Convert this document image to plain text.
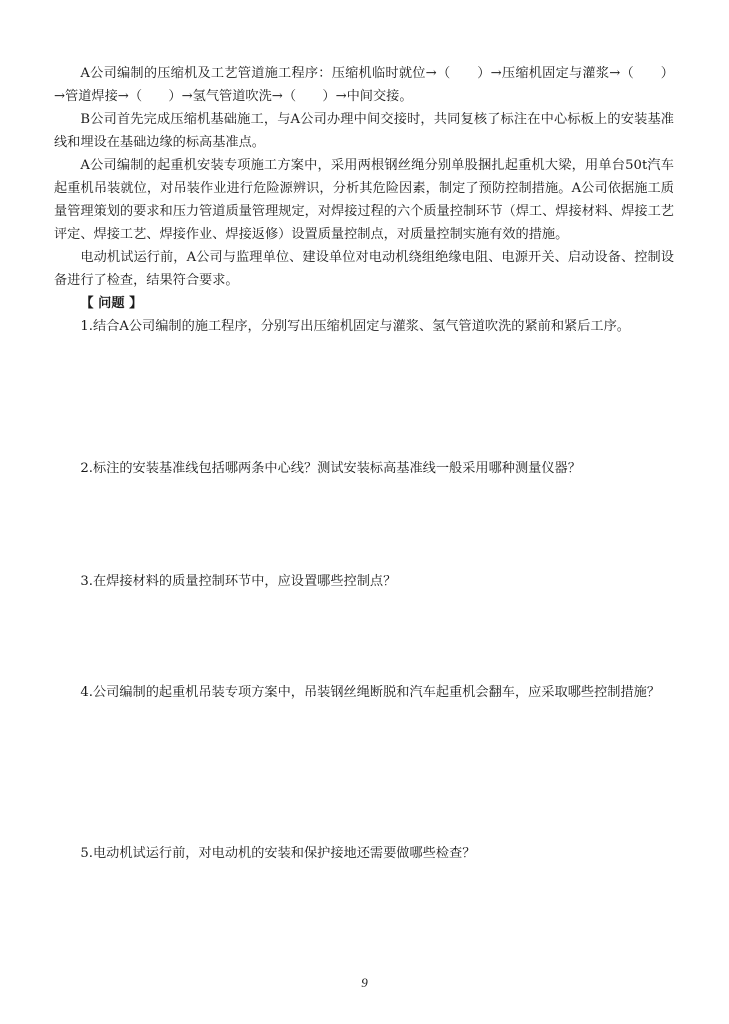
A公司编制的压缩机及工艺管道施工程序：压缩机临时就位→（　　）→压缩机固定与灌浆→（　　）→管道焊接→（　　）→氢气管道吹洗→（　　）→中间交接。

B公司首先完成压缩机基础施工，与A公司办理中间交接时，共同复核了标注在中心标板上的安装基准线和埋设在基础边缘的标高基准点。

A公司编制的起重机安装专项施工方案中，采用两根钢丝绳分别单股捆扎起重机大梁，用单台50t汽车起重机吊装就位，对吊装作业进行危险源辨识，分析其危险因素，制定了预防控制措施。A公司依据施工质量管理策划的要求和压力管道质量管理规定，对焊接过程的六个质量控制环节（焊工、焊接材料、焊接工艺评定、焊接工艺、焊接作业、焊接返修）设置质量控制点，对质量控制实施有效的措施。

电动机试运行前，A公司与监理单位、建设单位对电动机绕组绝缘电阻、电源开关、启动设备、控制设备进行了检查，结果符合要求。

【 问题 】

1.结合A公司编制的施工程序，分别写出压缩机固定与灌浆、氢气管道吹洗的紧前和紧后工序。

2.标注的安装基准线包括哪两条中心线？测试安装标高基准线一般采用哪种测量仪器？

3.在焊接材料的质量控制环节中，应设置哪些控制点？

4.公司编制的起重机吊装专项方案中，吊装钢丝绳断脱和汽车起重机会翻车，应采取哪些控制措施？

5.电动机试运行前，对电动机的安装和保护接地还需要做哪些检查？

9
